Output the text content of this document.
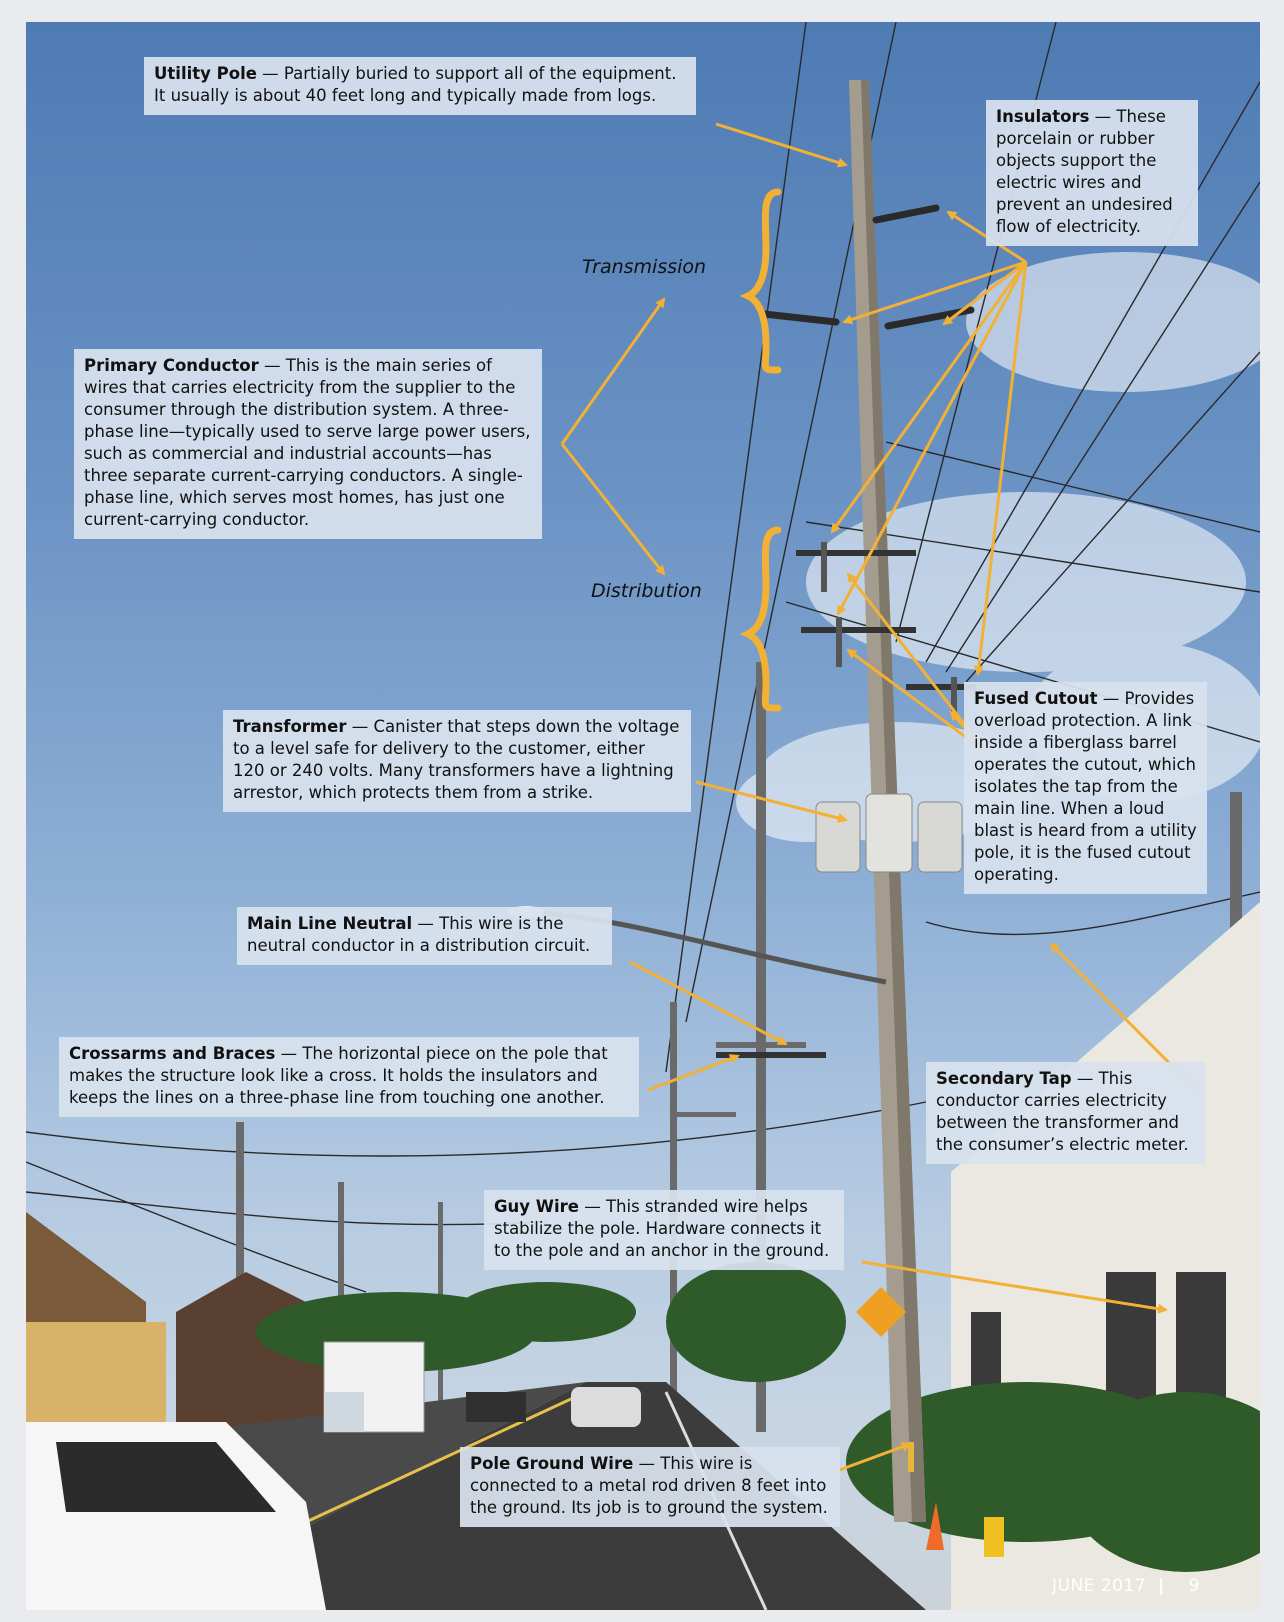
Transmission
Distribution
Utility Pole — Partially buried to support all of the equipment. It usually is about 40 feet long and typically made from logs.
Insulators — These porcelain or rubber objects support the electric wires and prevent an undesired flow of electricity.
Primary Conductor — This is the main series of wires that carries electricity from the supplier to the consumer through the distribution system. A three-phase line—typically used to serve large power users, such as commercial and industrial accounts—has three separate current-carrying conductors. A single-phase line, which serves most homes, has just one current-carrying conductor.
Transformer — Canister that steps down the voltage to a level safe for delivery to the customer, either 120 or 240 volts. Many transformers have a lightning arrestor, which protects them from a strike.
Fused Cutout — Provides overload protection. A link inside a fiberglass barrel operates the cutout, which isolates the tap from the main line. When a loud blast is heard from a utility pole, it is the fused cutout operating.
Main Line Neutral — This wire is the neutral conductor in a distribution circuit.
Crossarms and Braces — The horizontal piece on the pole that makes the structure look like a cross. It holds the insulators and keeps the lines on a three-phase line from touching one another.
Secondary Tap — This conductor carries electricity between the transformer and the consumer’s electric meter.
Guy Wire — This stranded wire helps stabilize the pole. Hardware connects it to the pole and an anchor in the ground.
Pole Ground Wire — This wire is connected to a metal rod driven 8 feet into the ground. Its job is to ground the system.
JUNE 2017 | 9
